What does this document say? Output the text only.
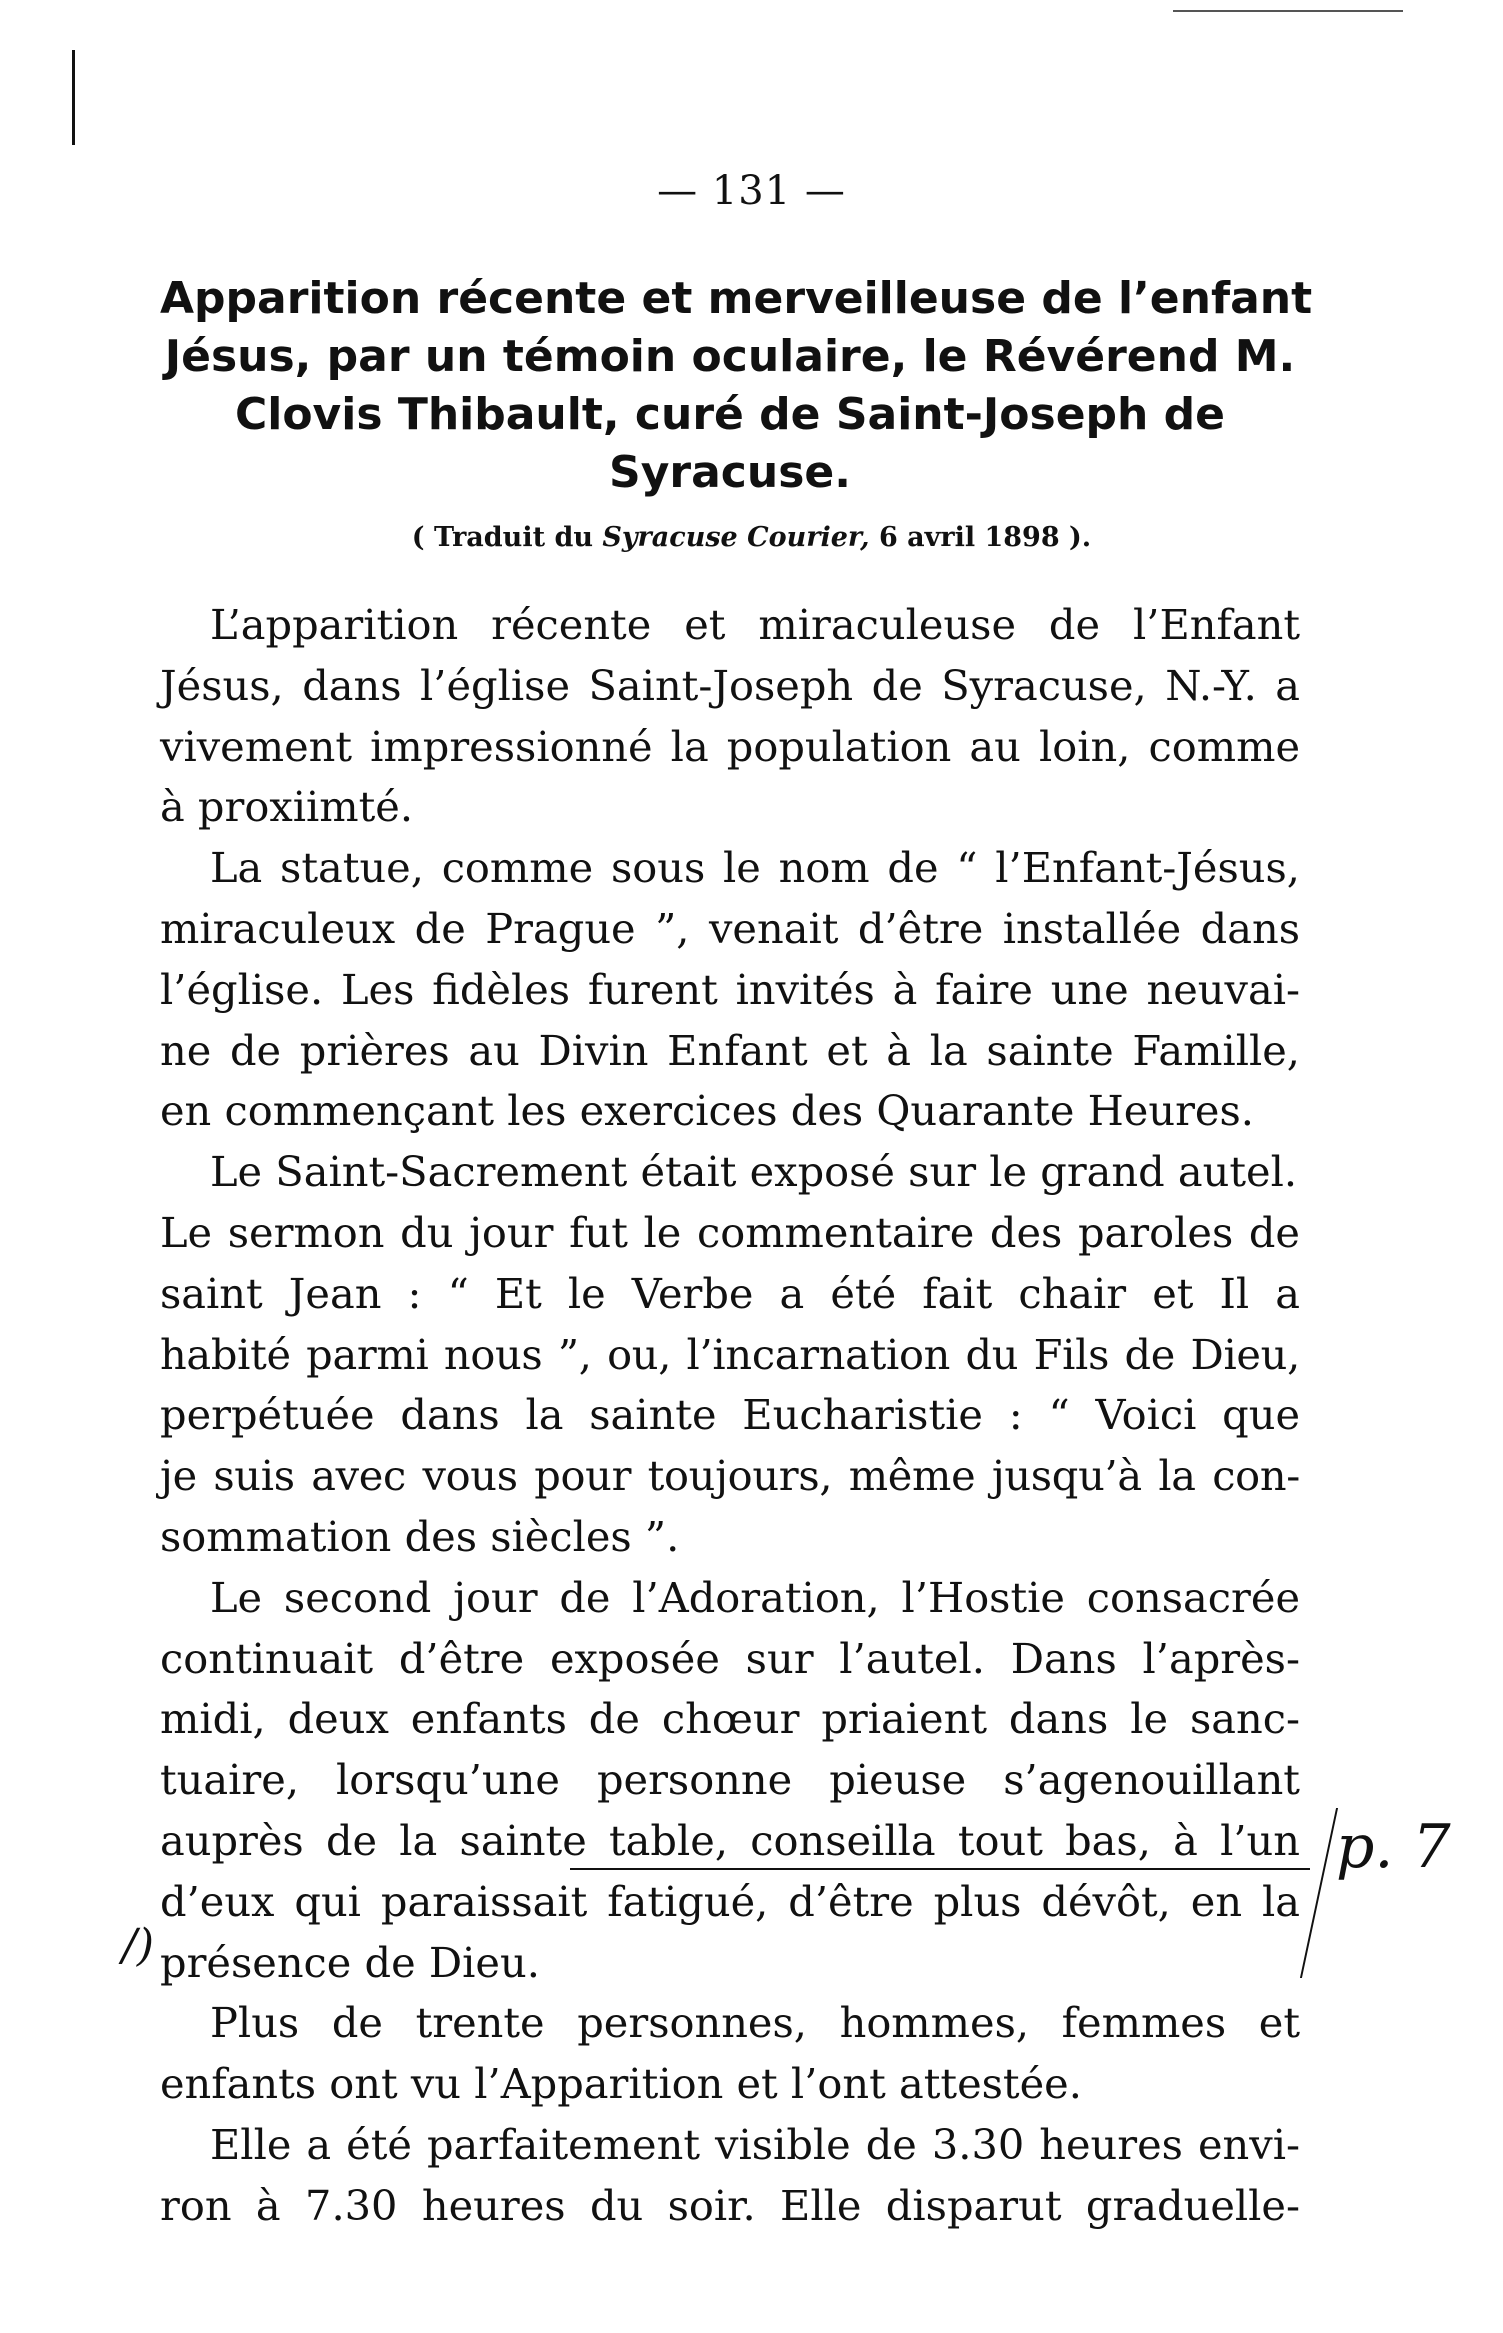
— 131 —
Apparition récente et merveilleuse de l’enfant
Jésus, par un témoin oculaire, le Révérend M.
Clovis Thibault, curé de Saint-Joseph de
Syracuse.
( Traduit du Syracuse Courier, 6 avril 1898 ).
L’apparition récente et miraculeuse de l’Enfant
Jésus, dans l’église Saint-Joseph de Syracuse, N.-Y. a
vivement impressionné la population au loin, comme
à proxiimté.
La statue, comme sous le nom de “ l’Enfant-Jésus,
miraculeux de Prague ”, venait d’être installée dans
l’église. Les fidèles furent invités à faire une neuvai-
ne de prières au Divin Enfant et à la sainte Famille,
en commençant les exercices des Quarante Heures.
Le Saint-Sacrement était exposé sur le grand autel.
Le sermon du jour fut le commentaire des paroles de
saint Jean : “ Et le Verbe a été fait chair et Il a
habité parmi nous ”, ou, l’incarnation du Fils de Dieu,
perpétuée dans la sainte Eucharistie : “ Voici que
je suis avec vous pour toujours, même jusqu’à la con-
sommation des siècles ”.
Le second jour de l’Adoration, l’Hostie consacrée
continuait d’être exposée sur l’autel. Dans l’après-
midi, deux enfants de chœur priaient dans le sanc-
tuaire, lorsqu’une personne pieuse s’agenouillant
auprès de la sainte table, conseilla tout bas, à l’un
d’eux qui paraissait fatigué, d’être plus dévôt, en la
présence de Dieu.
Plus de trente personnes, hommes, femmes et
enfants ont vu l’Apparition et l’ont attestée.
Elle a été parfaitement visible de 3.30 heures envi-
ron à 7.30 heures du soir. Elle disparut graduelle-
/)
p. 7
